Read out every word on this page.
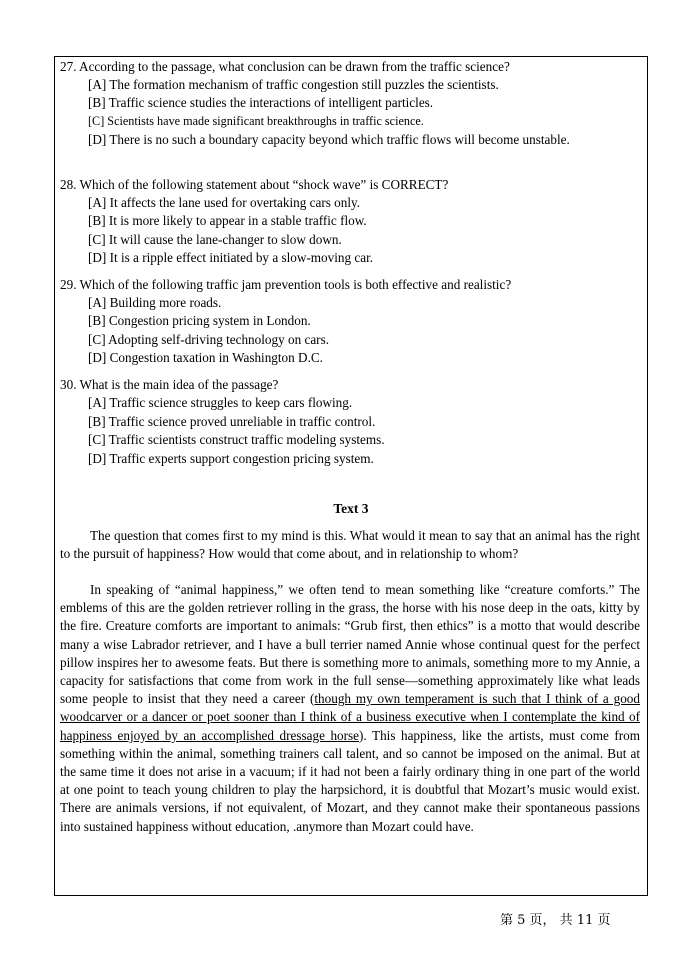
27. According to the passage, what conclusion can be drawn from the traffic science?
[A] The formation mechanism of traffic congestion still puzzles the scientists.
[B] Traffic science studies the interactions of intelligent particles.
[C] Scientists have made significant breakthroughs in traffic science.
[D] There is no such a boundary capacity beyond which traffic flows will become unstable.
28. Which of the following statement about “shock wave” is CORRECT?
[A] It affects the lane used for overtaking cars only.
[B] It is more likely to appear in a stable traffic flow.
[C] It will cause the lane-changer to slow down.
[D] It is a ripple effect initiated by a slow-moving car.
29. Which of the following traffic jam prevention tools is both effective and realistic?
[A] Building more roads.
[B] Congestion pricing system in London.
[C] Adopting self-driving technology on cars.
[D] Congestion taxation in Washington D.C.
30. What is the main idea of the passage?
[A] Traffic science struggles to keep cars flowing.
[B] Traffic science proved unreliable in traffic control.
[C] Traffic scientists construct traffic modeling systems.
[D] Traffic experts support congestion pricing system.
Text 3
The question that comes first to my mind is this. What would it mean to say that an animal has the right to the pursuit of happiness? How would that come about, and in relationship to whom?
In speaking of “animal happiness,” we often tend to mean something like “creature comforts.” The emblems of this are the golden retriever rolling in the grass, the horse with his nose deep in the oats, kitty by the fire. Creature comforts are important to animals: “Grub first, then ethics” is a motto that would describe many a wise Labrador retriever, and I have a bull terrier named Annie whose continual quest for the perfect pillow inspires her to awesome feats. But there is something more to animals, something more to my Annie, a capacity for satisfactions that come from work in the full sense—something approximately like what leads some people to insist that they need a career (though my own temperament is such that I think of a good woodcarver or a dancer or poet sooner than I think of a business executive when I contemplate the kind of happiness enjoyed by an accomplished dressage horse). This happiness, like the artists, must come from something within the animal, something trainers call talent, and so cannot be imposed on the animal. But at the same time it does not arise in a vacuum; if it had not been a fairly ordinary thing in one part of the world at one point to teach young children to play the harpsichord, it is doubtful that Mozart’s music would exist. There are animals versions, if not equivalent, of Mozart, and they cannot make their spontaneous passions into sustained happiness without education, .anymore than Mozart could have.
第 5 页， 共 11 页
